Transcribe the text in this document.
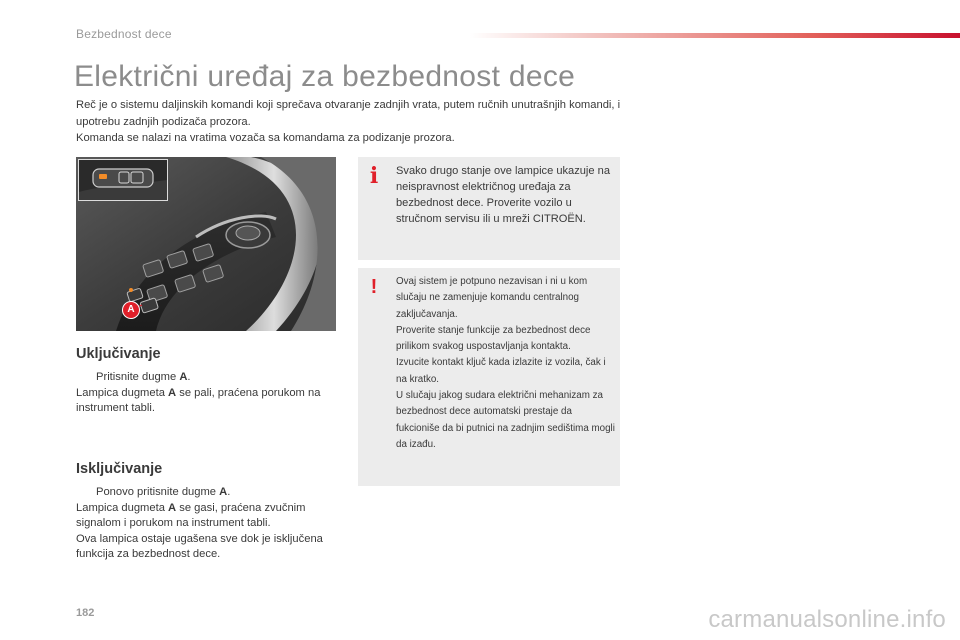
Bezbednost dece
Električni uređaj za bezbednost dece

Reč je o sistemu daljinskih komandi koji sprečava otvaranje zadnjih vrata, putem ručnih unutrašnjih komandi, i upotrebu zadnjih podizača prozora.

Komanda se nalazi na vratima vozača sa komandama za podizanje prozora.

A
Uključivanje

Pritisnite dugme A.

Lampica dugmeta A se pali, praćena porukom na instrument tabli.

Isključivanje

Ponovo pritisnite dugme A.

Lampica dugmeta A se gasi, praćena zvučnim signalom i porukom na instrument tabli.

Ova lampica ostaje ugašena sve dok je isključena funkcija za bezbednost dece.

i	Svako drugo stanje ove lampice ukazuje na neispravnost električnog uređaja za bezbednost dece. Proverite vozilo u stručnom servisu ili u mreži CITROËN.

!	Ovaj sistem je potpuno nezavisan i ni u kom slučaju ne zamenjuje komandu centralnog zaključavanja.

Proverite stanje funkcije za bezbednost dece prilikom svakog uspostavljanja kontakta.

Izvucite kontakt ključ kada izlazite iz vozila, čak i na kratko.

U slučaju jakog sudara električni mehanizam za bezbednost dece automatski prestaje da fukcioniše da bi putnici na zadnjim sedištima mogli da izađu.

182	carmanualsonline.info
